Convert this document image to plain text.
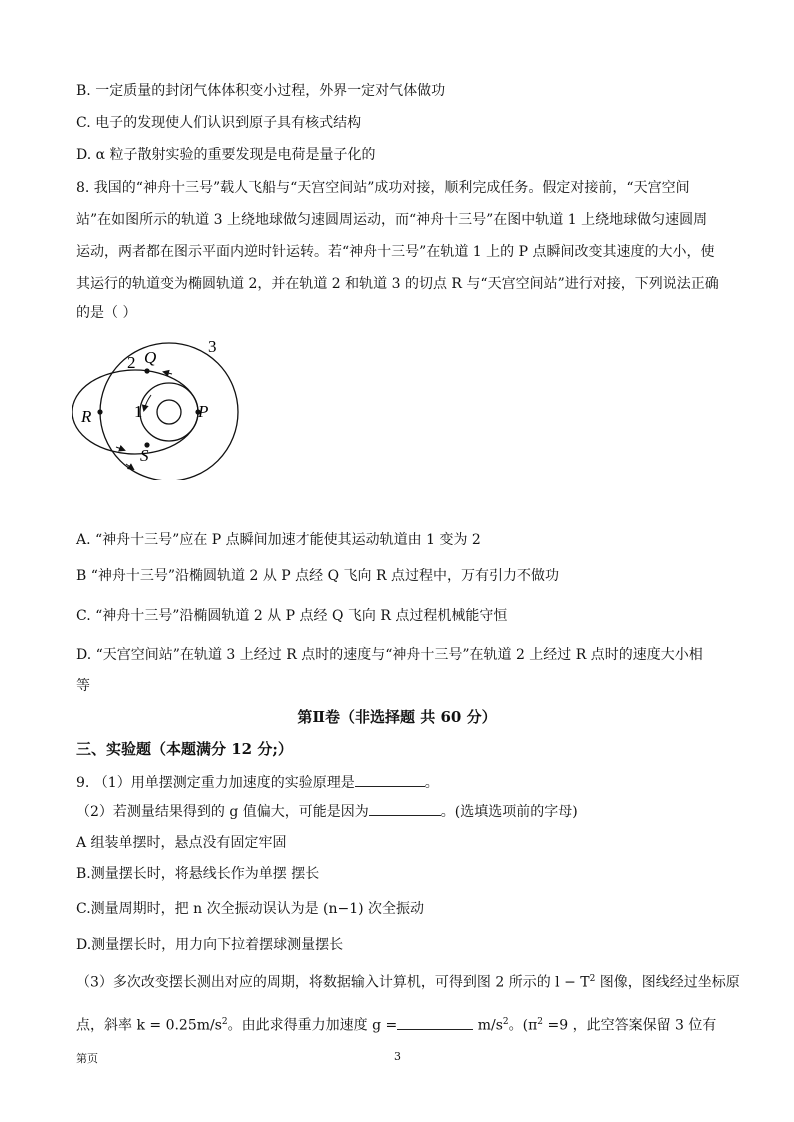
B. 一定质量的封闭气体体积变小过程，外界一定对气体做功
C. 电子的发现使人们认识到原子具有核式结构
D. α 粒子散射实验的重要发现是电荷是量子化的
8. 我国的“神舟十三号”载人飞船与“天宫空间站”成功对接，顺利完成任务。假定对接前，“天宫空间
站”在如图所示的轨道 3 上绕地球做匀速圆周运动，而“神舟十三号”在图中轨道 1 上绕地球做匀速圆周
运动，两者都在图示平面内逆时针运转。若“神舟十三号”在轨道 1 上的 P 点瞬间改变其速度的大小，使
其运行的轨道变为椭圆轨道 2，并在轨道 2 和轨道 3 的切点 R 与“天宫空间站”进行对接，下列说法正确
的是（ ）
2 Q
3
1	P
R
S
A. “神舟十三号”应在 P 点瞬间加速才能使其运动轨道由 1 变为 2
B “神舟十三号”沿椭圆轨道 2 从 P 点经 Q 飞向 R 点过程中，万有引力不做功
C. “神舟十三号”沿椭圆轨道 2 从 P 点经 Q 飞向 R 点过程机械能守恒
D. “天宫空间站”在轨道 3 上经过 R 点时的速度与“神舟十三号”在轨道 2 上经过 R 点时的速度大小相
等
第Ⅱ卷（非选择题 共 60 分）
三、实验题（本题满分 12 分;）
9. （1）用单摆测定重力加速度的实验原理是	。
（2）若测量结果得到的 g 值偏大，可能是因为	。(选填选项前的字母)
A 组装单摆时，悬点没有固定牢固
B.测量摆长时，将悬线长作为单摆 摆长
C.测量周期时，把 n 次全振动误认为是 (n−1) 次全振动
D.测量摆长时，用力向下拉着摆球测量摆长
（3）多次改变摆长测出对应的周期，将数据输入计算机，可得到图 2 所示的 $l - T^2$ 图像，图线经过坐标原
点，斜率 $k = 0.25m/s^2$。由此求得重力加速度 g =	$m/s^2$。($\pi^2 =9$ ，此空答案保留 3 位有
第页	3
